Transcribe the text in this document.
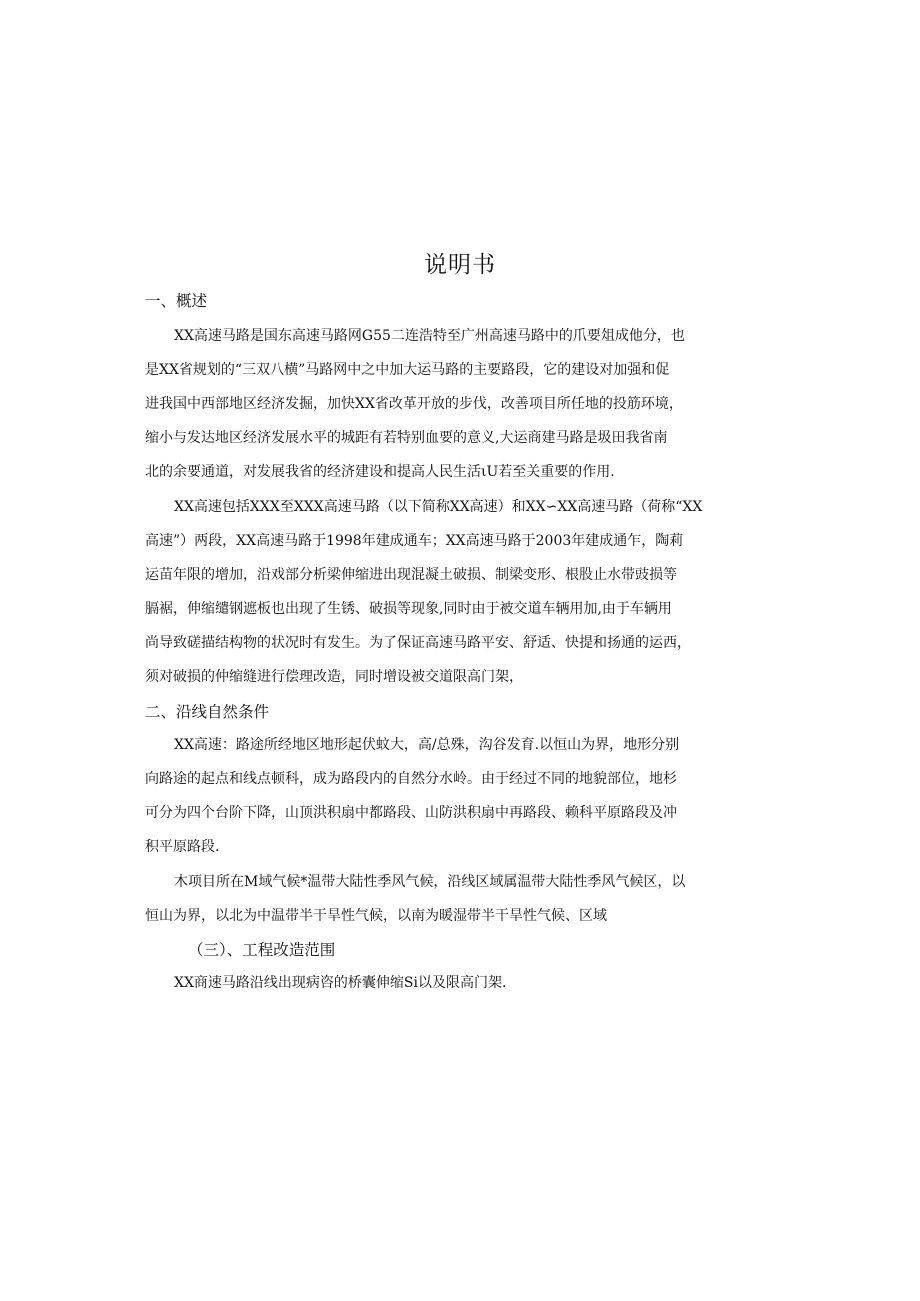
说明书

一、概述

XX高速马路是国东高速马路网G55二连浩特至广州高速马路中的爪要俎成他分，也
是XX省规划的“三双八横”马路网中之中加大运马路的主要路段，它的建设对加强和促
进我国中西部地区经济发掘，加快XX省改革开放的步伐，改善项目所任地的投筋环境，
缩小与发达地区经济发展水平的城距有若特别血要的意义,大运商建马路是圾田我省南
北的余要通道，对发展我省的经济建设和提高人民生活ιU若至关重要的作用.

XX高速包括XXX至XXX高速马路（以下简称XX高速）和XX∽XX高速马路（荷称“XX
高速”）两段，XX高速马路于1998年建成通车；XX高速马路于2003年建成通乍，陶莉
运苗年限的增加，沿戏部分析梁伸缩进出现混凝土破损、制梁变形、根股止水带豉损等
膈裾，伸缩缱钢遮板也出现了生锈、破损等现象,同时由于被交道车辆用加,由于车辆用
尚导致磋描结构物的状况时有发生。为了保证高速马路平安、舒适、快提和扬通的运西，
须对破损的仲缩缝进行偿理改造，同时增设被交道限高门架，

二、沿线自然条件

XX高速：路途所经地区地形起伏蚊大，高/总殊，沟谷发育.以恒山为界，地形分别
向路途的起点和线点顿科，成为路段内的自然分水岭。由于经过不同的地貌部位，地杉
可分为四个台阶下降，山顶洪积扇中都路段、山防洪积扇中再路段、赖科平原路段及冲
积平原路段.

木项目所在M域气候*温带大陆性季风气候，沿线区域属温带大陆性季风气候区，以
恒山为界，以北为中温带半干旱性气候，以南为暖湿带半干旱性气候、区域

（三）、工程改造范围

XX商速马路沿线出现病咨的桥囊伸缩Si以及限高门架.
